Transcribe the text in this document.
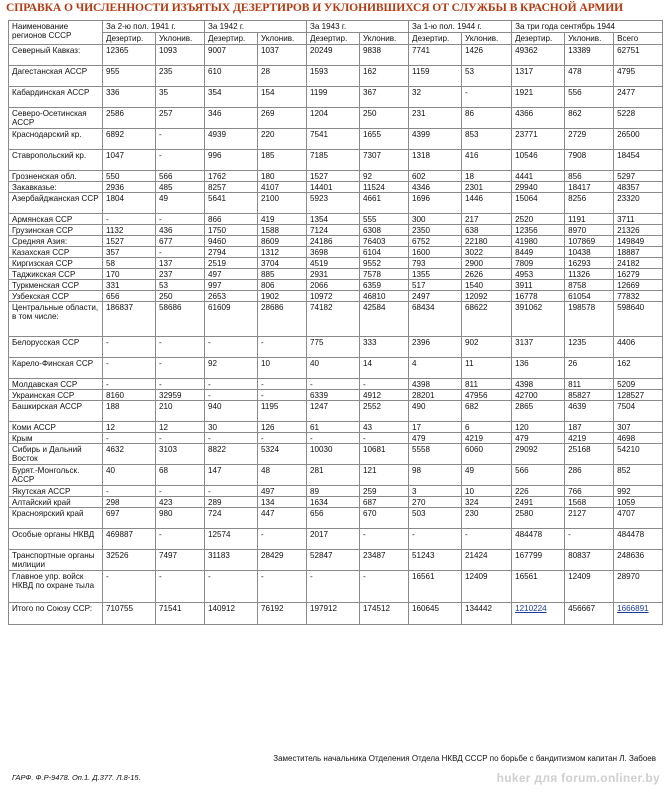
СПРАВКА О ЧИСЛЕННОСТИ ИЗЪЯТЫХ ДЕЗЕРТИРОВ И УКЛОНИВШИХСЯ ОТ СЛУЖБЫ В КРАСНОЙ АРМИИ
Наименование регионов СССР	За 2-ю пол. 1941 г.		За 1942 г.		За 1943 г.		За 1-ю пол. 1944 г.		За три года сентябрь 1944		
	Дезертир.	Уклонив.	Дезертир.	Уклонив.	Дезертир.	Уклонив.	Дезертир.	Уклонив.	Дезертир.	Уклонив.	Всего
Северный Кавказ:	12365	1093	9007	1037	20249	9838	7741	1426	49362	13389	62751
Дагестанская АССР	955	235	610	28	1593	162	1159	53	1317	478	4795
Кабардинская АССР	336	35	354	154	1199	367	32	-	1921	556	2477
Северо-Осетинская АССР	2586	257	346	269	1204	250	231	86	4366	862	5228
Краснодарский кр.	6892	-	4939	220	7541	1655	4399	853	23771	2729	26500
Ставропольский кр.	1047	-	996	185	7185	7307	1318	416	10546	7908	18454
Грозненская обл.	550	566	1762	180	1527	92	602	18	4441	856	5297
Закавказье:	2936	485	8257	4107	14401	11524	4346	2301	29940	18417	48357
Азербайджанская ССР	1804	49	5641	2100	5923	4661	1696	1446	15064	8256	23320
Армянская ССР	-	-	866	419	1354	555	300	217	2520	1191	3711
Грузинская ССР	1132	436	1750	1588	7124	6308	2350	638	12356	8970	21326
Средняя Азия:	1527	677	9460	8609	24186	76403	6752	22180	41980	107869	149849
Казахская ССР	357	-	2794	1312	3698	6104	1600	3022	8449	10438	18887
Киргизская ССР	58	137	2519	3704	4519	9552	793	2900	7809	16293	24182
Таджикская ССР	170	237	497	885	2931	7578	1355	2626	4953	11326	16279
Туркменская ССР	331	53	997	806	2066	6359	517	1540	3911	8758	12669
Узбекская ССР	656	250	2653	1902	10972	46810	2497	12092	16778	61054	77832
Центральные области, в том числе:	186837	58686	61609	28686	74182	42584	68434	68622	391062	198578	598640
Белорусская ССР	-	-	-	-	775	333	2396	902	3137	1235	4406
Карело-Финская ССР	-	-	92	10	40	14	4	11	136	26	162
Молдавская ССР	-	-	-	-	-	-	4398	811	4398	811	5209
Украинская ССР	8160	32959	-	-	6339	4912	28201	47956	42700	85827	128527
Башкирская АССР	188	210	940	1195	1247	2552	490	682	2865	4639	7504
Коми АССР	12	12	30	126	61	43	17	6	120	187	307
Крым	-	-	-	-	-	-	479	4219	479	4219	4698
Сибирь и Дальний Восток	4632	3103	8822	5324	10030	10681	5558	6060	29092	25168	54210
Бурят.-Монгольск. АССР	40	68	147	48	281	121	98	49	566	286	852
Якутская АССР	-	-	-	497	89	259	3	10	226	766	992
Алтайский край	298	423	289	134	1634	687	270	324	2491	1568	1059
Красноярский край	697	980	724	447	656	670	503	230	2580	2127	4707
Особые органы НКВД	469887	-	12574	-	2017	-	-	-	484478	-	484478
Транспортные органы милиции	32526	7497	31183	28429	52847	23487	51243	21424	167799	80837	248636
Главное упр. войск НКВД по охране тыла	-	-	-	-	-	-	16561	12409	16561	12409	28970
Итого по Союзу ССР:	710755	71541	140912	76192	197912	174512	160645	134442	1210224	456667	1666891
Заместитель начальника Отделения Отдела НКВД СССР по борьбе с бандитизмом капитан Л. Забоев
ГАРФ. Ф.Р-9478. Оп.1. Д.377. Л.8-15.	huker для forum.onliner.by
